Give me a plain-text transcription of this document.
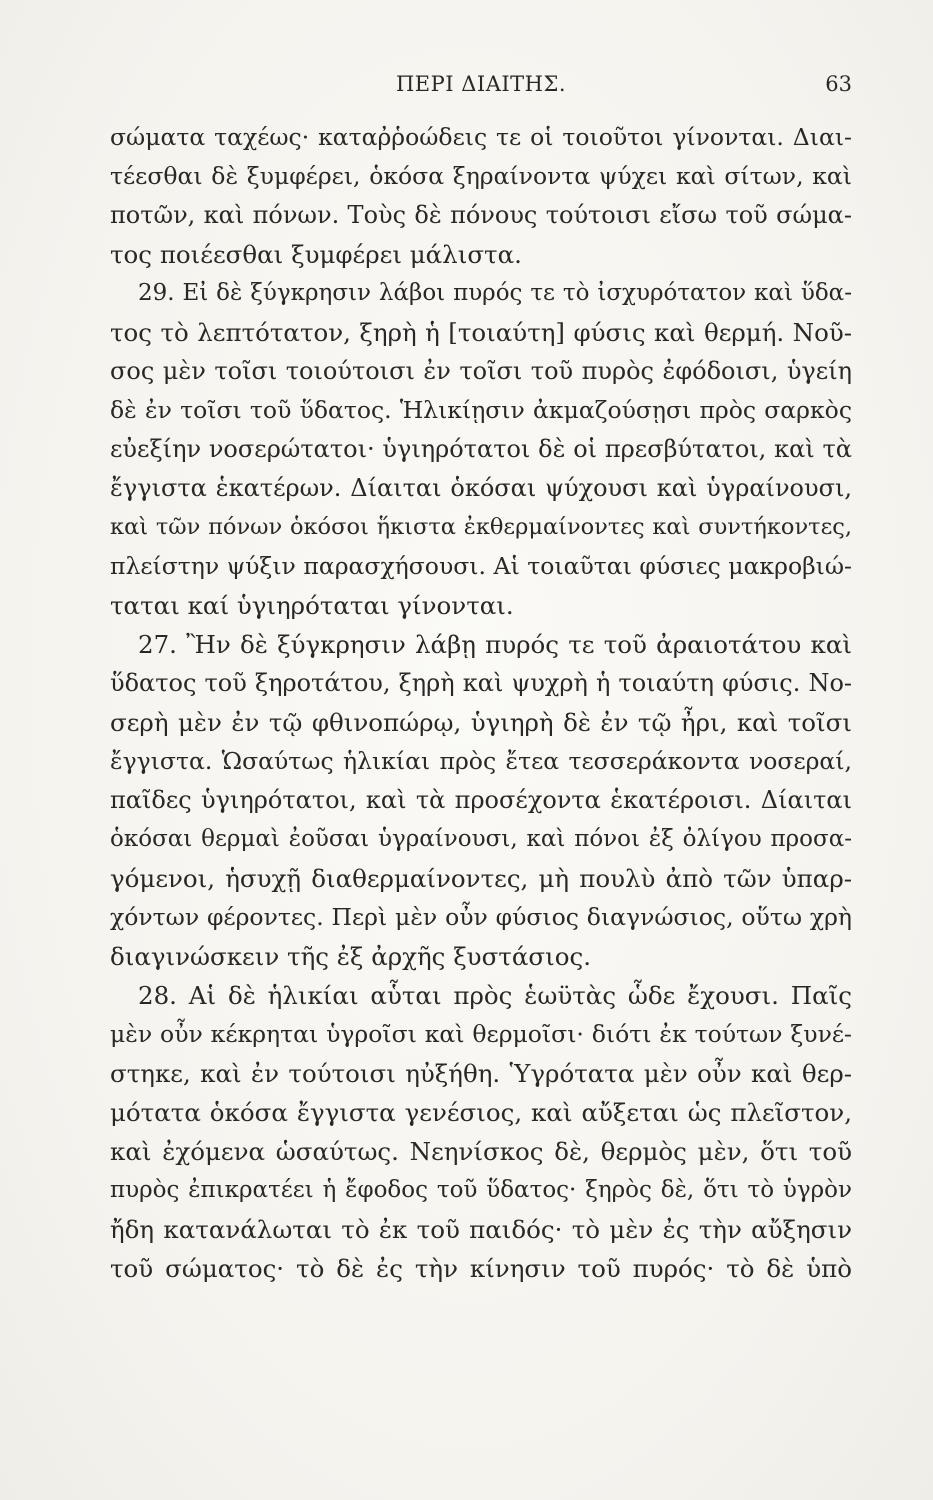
ΠΕΡΙ ΔΙΑΙΤΗΣ.	63
σώματα ταχέως· καταῤῥοώδεις τε οἱ τοιοῦτοι γίνονται. Διαι-
τέεσθαι δὲ ξυμφέρει, ὁκόσα ξηραίνοντα ψύχει καὶ σίτων, καὶ
ποτῶν, καὶ πόνων. Τοὺς δὲ πόνους τούτοισι εἴσω τοῦ σώμα-
τος ποιέεσθαι ξυμφέρει μάλιστα.
29. Εἰ δὲ ξύγκρησιν λάβοι πυρός τε τὸ ἰσχυρότατον καὶ ὕδα-
τος τὸ λεπτότατον, ξηρὴ ἡ [τοιαύτη] φύσις καὶ θερμή. Νοῦ-
σος μὲν τοῖσι τοιούτοισι ἐν τοῖσι τοῦ πυρὸς ἐφόδοισι, ὑγείη
δὲ ἐν τοῖσι τοῦ ὕδατος. Ἡλικίῃσιν ἀκμαζούσῃσι πρὸς σαρκὸς
εὐεξίην νοσερώτατοι· ὑγιηρότατοι δὲ οἱ πρεσβύτατοι, καὶ τὰ
ἔγγιστα ἑκατέρων. Δίαιται ὁκόσαι ψύχουσι καὶ ὑγραίνουσι,
καὶ τῶν πόνων ὁκόσοι ἥκιστα ἐκθερμαίνοντες καὶ συντήκοντες,
πλείστην ψύξιν παρασχήσουσι. Αἱ τοιαῦται φύσιες μακροβιώ-
ταται καί ὑγιηρόταται γίνονται.
27. Ἢν δὲ ξύγκρησιν λάβῃ πυρός τε τοῦ ἀραιοτάτου καὶ
ὕδατος τοῦ ξηροτάτου, ξηρὴ καὶ ψυχρὴ ἡ τοιαύτη φύσις. Νο-
σερὴ μὲν ἐν τῷ φθινοπώρῳ, ὑγιηρὴ δὲ ἐν τῷ ἦρι, καὶ τοῖσι
ἔγγιστα. Ὡσαύτως ἡλικίαι πρὸς ἔτεα τεσσεράκοντα νοσεραί,
παῖδες ὑγιηρότατοι, καὶ τὰ προσέχοντα ἑκατέροισι. Δίαιται
ὁκόσαι θερμαὶ ἐοῦσαι ὑγραίνουσι, καὶ πόνοι ἐξ ὀλίγου προσα-
γόμενοι, ἡσυχῇ διαθερμαίνοντες, μὴ πουλὺ ἀπὸ τῶν ὑπαρ-
χόντων φέροντες. Περὶ μὲν οὖν φύσιος διαγνώσιος, οὕτω χρὴ
διαγινώσκειν τῆς ἐξ ἀρχῆς ξυστάσιος.
28. Αἱ δὲ ἡλικίαι αὗται πρὸς ἑωϋτὰς ὧδε ἔχουσι. Παῖς
μὲν οὖν κέκρηται ὑγροῖσι καὶ θερμοῖσι· διότι ἐκ τούτων ξυνέ-
στηκε, καὶ ἐν τούτοισι ηὐξήθη. Ὑγρότατα μὲν οὖν καὶ θερ-
μότατα ὁκόσα ἔγγιστα γενέσιος, καὶ αὔξεται ὡς πλεῖστον,
καὶ ἐχόμενα ὡσαύτως. Νεηνίσκος δὲ, θερμὸς μὲν, ὅτι τοῦ
πυρὸς ἐπικρατέει ἡ ἔφοδος τοῦ ὕδατος· ξηρὸς δὲ, ὅτι τὸ ὑγρὸν
ἤδη κατανάλωται τὸ ἐκ τοῦ παιδός· τὸ μὲν ἐς τὴν αὔξησιν
τοῦ σώματος· τὸ δὲ ἐς τὴν κίνησιν τοῦ πυρός· τὸ δὲ ὑπὸ
